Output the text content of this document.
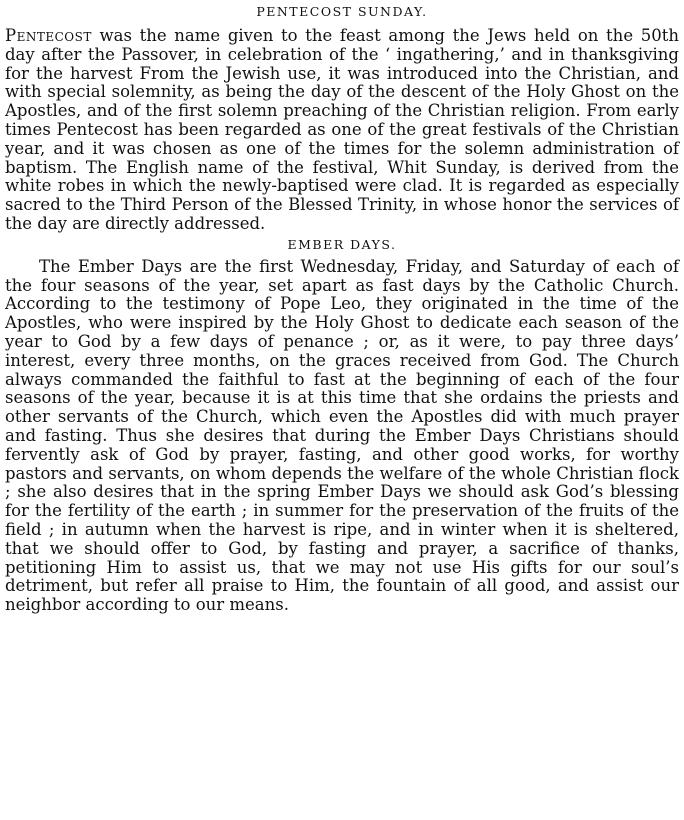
PENTECOST SUNDAY.

Pentecost was the name given to the feast among the Jews held on the 50th day after the Passover, in celebration of the ‘ ingathering,’ and in thanksgiving for the harvest From the Jewish use, it was introduced into the Christian, and with special solemnity, as being the day of the descent of the Holy Ghost on the Apostles, and of the first solemn preaching of the Christian religion. From early times Pentecost has been regarded as one of the great festivals of the Christian year, and it was chosen as one of the times for the solemn administration of baptism. The English name of the festival, Whit Sunday, is derived from the white robes in which the newly-baptised were clad. It is regarded as especially sacred to the Third Person of the Blessed Trinity, in whose honor the services of the day are directly addressed.

EMBER DAYS.

The Ember Days are the first Wednesday, Friday, and Saturday of each of the four seasons of the year, set apart as fast days by the Catholic Church. According to the testimony of Pope Leo, they originated in the time of the Apostles, who were inspired by the Holy Ghost to dedicate each season of the year to God by a few days of penance ; or, as it were, to pay three days’ interest, every three months, on the graces received from God. The Church always commanded the faithful to fast at the beginning of each of the four seasons of the year, because it is at this time that she ordains the priests and other servants of the Church, which even the Apostles did with much prayer and fasting. Thus she desires that during the Ember Days Christians should fervently ask of God by prayer, fasting, and other good works, for worthy pastors and servants, on whom depends the welfare of the whole Christian flock ; she also desires that in the spring Ember Days we should ask God’s blessing for the fertility of the earth ; in summer for the preservation of the fruits of the field ; in autumn when the harvest is ripe, and in winter when it is sheltered, that we should offer to God, by fasting and prayer, a sacrifice of thanks, petitioning Him to assist us, that we may not use His gifts for our soul’s detriment, but refer all praise to Him, the fountain of all good, and assist our neighbor according to our means.
